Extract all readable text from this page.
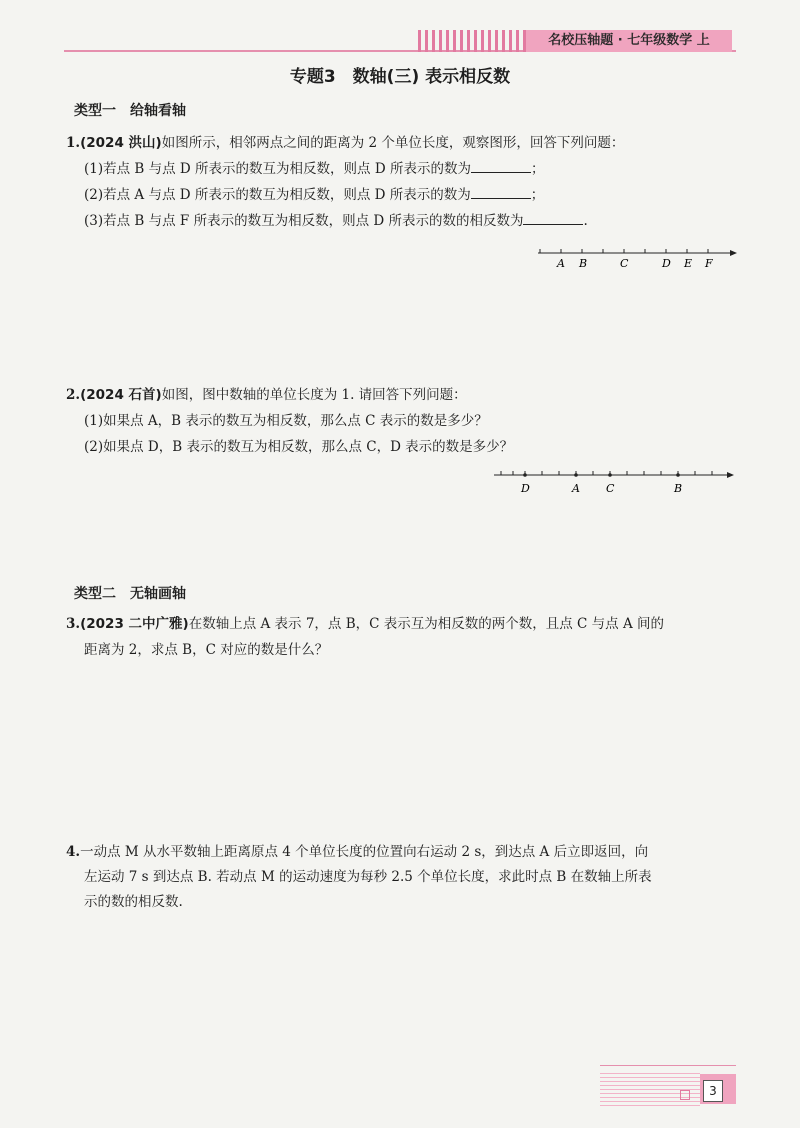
名校压轴题 · 七年级数学 上
专题3　数轴(三) 表示相反数
类型一　给轴看轴
1.(2024 洪山)如图所示，相邻两点之间的距离为 2 个单位长度，观察图形，回答下列问题：
(1)若点 B 与点 D 所表示的数互为相反数，则点 D 所表示的数为	；
(2)若点 A 与点 D 所表示的数互为相反数，则点 D 所表示的数为	；
(3)若点 B 与点 F 所表示的数互为相反数，则点 D 所表示的数的相反数为	.
A B	C	D E F
2.(2024 石首)如图，图中数轴的单位长度为 1. 请回答下列问题：
(1)如果点 A，B 表示的数互为相反数，那么点 C 表示的数是多少？
(2)如果点 D，B 表示的数互为相反数，那么点 C，D 表示的数是多少？
D	A C	B
类型二　无轴画轴
3.(2023 二中广雅)在数轴上点 A 表示 7，点 B，C 表示互为相反数的两个数，且点 C 与点 A 间的
距离为 2，求点 B，C 对应的数是什么？
4.一动点 M 从水平数轴上距离原点 4 个单位长度的位置向右运动 2 s，到达点 A 后立即返回，向
左运动 7 s 到达点 B. 若动点 M 的运动速度为每秒 2.5 个单位长度，求此时点 B 在数轴上所表
示的数的相反数.
3
